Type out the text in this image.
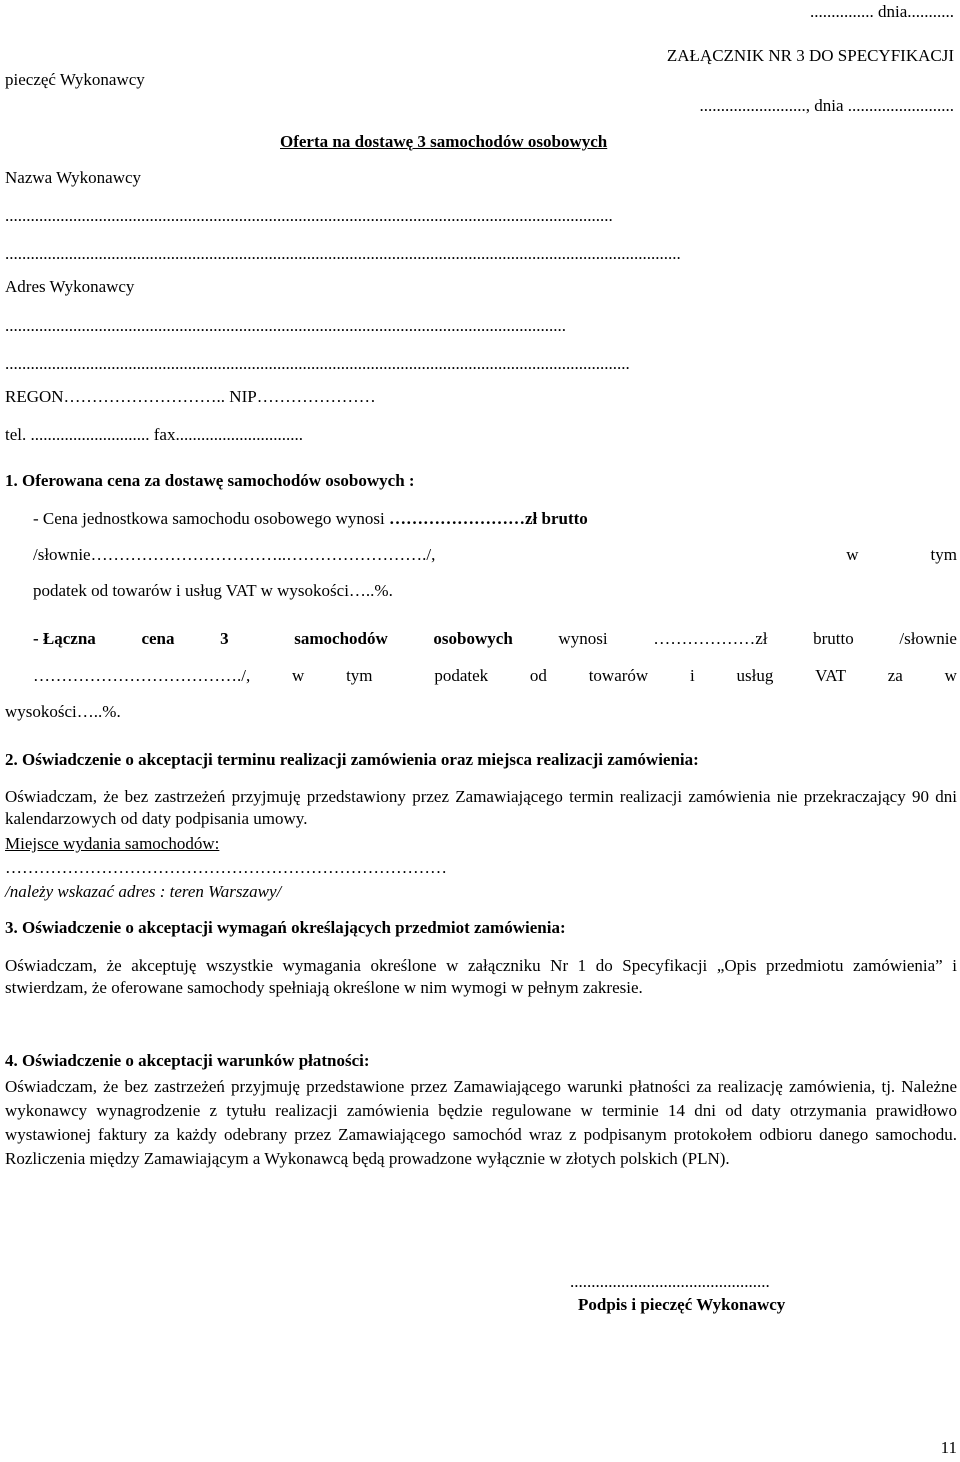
............... dnia...........
ZAŁĄCZNIK NR 3 DO SPECYFIKACJI
pieczęć Wykonawcy
........................., dnia .........................
Oferta na dostawę 3 samochodów osobowych
Nazwa Wykonawcy
...............................................................................................................................................
...............................................................................................................................................................
Adres Wykonawcy
....................................................................................................................................
...................................................................................................................................................
REGON……………………….. NIP…………………
tel. ............................ fax..............................
1. Oferowana cena za dostawę samochodów osobowych :
- Cena jednostkowa samochodu osobowego wynosi ……………………zł brutto
/słownie……………………………..……………………./,	w	tym
podatek od towarów i usług VAT w wysokości…..%.
- Łączna	cena	3	samochodów	osobowych	wynosi	………………zł	brutto	/słownie
………………………………./, w tym	podatek od towarów i usług VAT za w
wysokości…..%.
2. Oświadczenie o akceptacji terminu realizacji zamówienia oraz miejsca realizacji zamówienia:

Oświadczam, że bez zastrzeżeń przyjmuję przedstawiony przez Zamawiającego termin realizacji zamówienia nie przekraczający 90 dni kalendarzowych od daty podpisania umowy.

Miejsce wydania samochodów:
……………………………………………………………………
/należy wskazać adres : teren Warszawy/
3. Oświadczenie o akceptacji wymagań określających przedmiot zamówienia:

Oświadczam, że akceptuję wszystkie wymagania określone w załączniku Nr 1 do Specyfikacji „Opis przedmiotu zamówienia” i stwierdzam, że oferowane samochody spełniają określone w nim wymogi w pełnym zakresie.

4. Oświadczenie o akceptacji warunków płatności:

Oświadczam, że bez zastrzeżeń przyjmuję przedstawione przez Zamawiającego warunki płatności za realizację zamówienia, tj. Należne wykonawcy wynagrodzenie z tytułu realizacji zamówienia będzie regulowane w terminie 14 dni od daty otrzymania prawidłowo wystawionej faktury za każdy odebrany przez Zamawiającego samochód wraz z podpisanym protokołem odbioru danego samochodu. Rozliczenia między Zamawiającym a Wykonawcą będą prowadzone wyłącznie w złotych polskich (PLN).

...............................................
Podpis i pieczęć Wykonawcy
11
